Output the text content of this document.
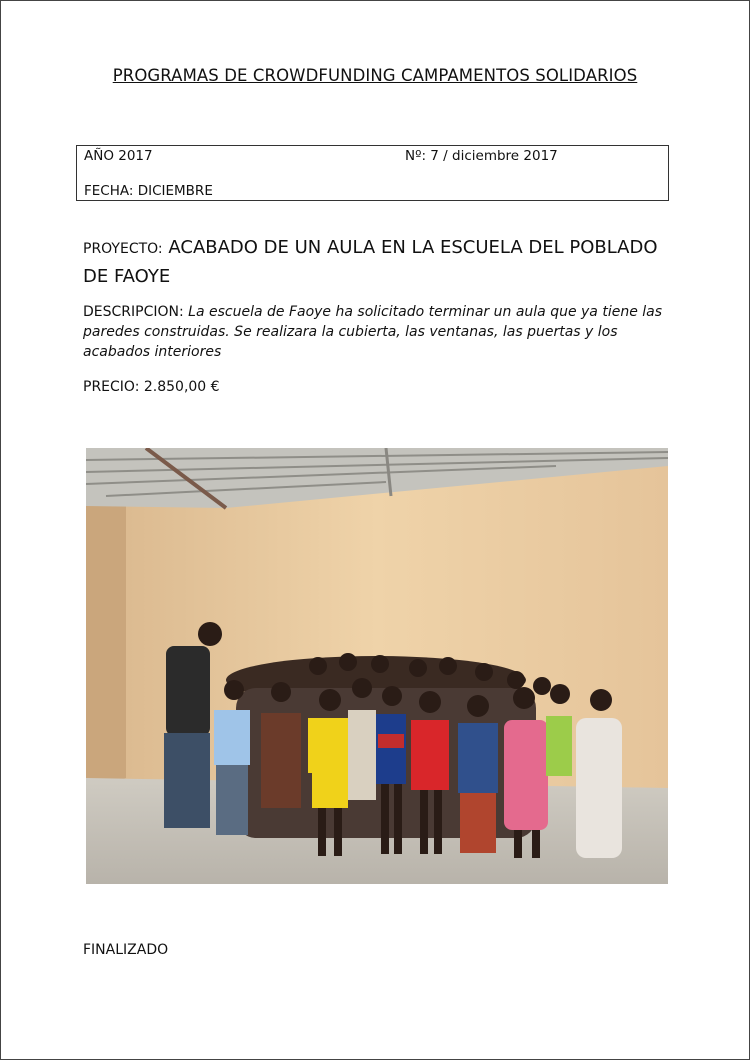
PROGRAMAS DE CROWDFUNDING CAMPAMENTOS SOLIDARIOS
AÑO 2017	Nº: 7 / diciembre 2017
FECHA: DICIEMBRE
PROYECTO: ACABADO DE UN AULA EN LA ESCUELA DEL POBLADO DE FAOYE
DESCRIPCION: La escuela de Faoye ha solicitado terminar un aula que ya tiene las paredes construidas. Se realizara la cubierta, las ventanas, las puertas y los acabados interiores
PRECIO: 2.850,00 €
FINALIZADO
